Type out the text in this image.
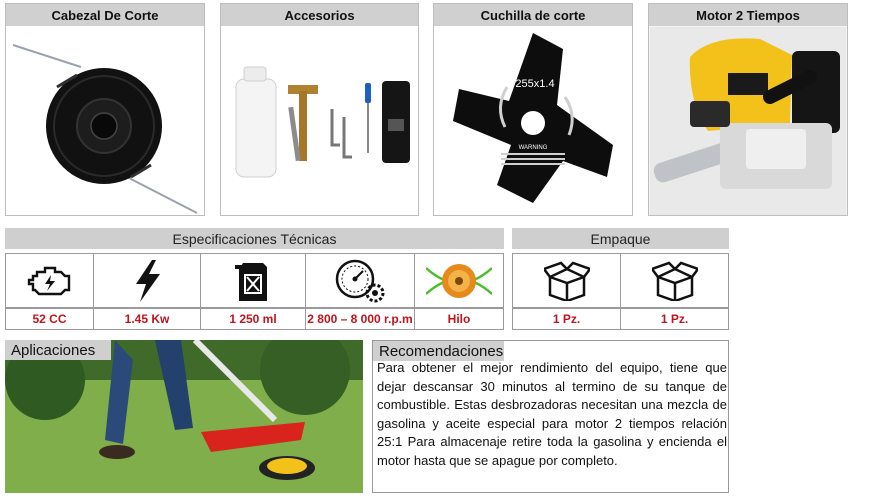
Cabezal De Corte	Accesorios	Cuchilla de corte
255x1.4
WARNING
Motor 2 Tiempos
Especificaciones Técnicas
52 CC	1.45 Kw	1 250 ml	2 800 – 8 000 r.p.m	Hilo
Empaque
1 Pz.	1 Pz.
Aplicaciones	Recomendaciones
Para obtener el mejor rendimiento del equipo, tiene que dejar descansar 30 minutos al termino de su tanque de combustible. Estas desbrozadoras necesitan una mezcla de gasolina y aceite especial para motor 2 tiempos relación 25:1 Para almacenaje retire toda la gasolina y encienda el motor hasta que se apague por completo.
